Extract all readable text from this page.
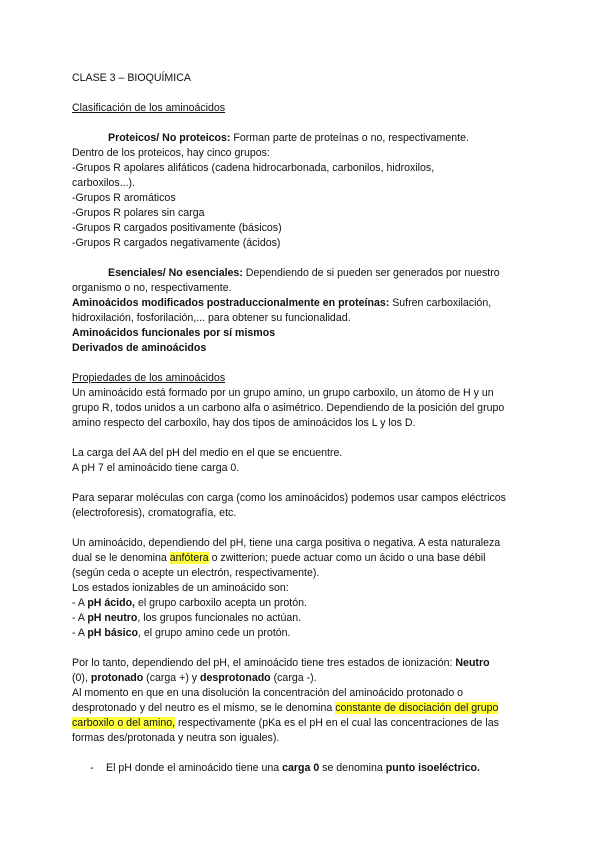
CLASE 3 – BIOQUÍMICA
Clasificación de los aminoácidos
Proteicos/ No proteicos: Forman parte de proteínas o no, respectivamente.
Dentro de los proteicos, hay cinco grupos:
-Grupos R apolares alifáticos (cadena hidrocarbonada, carbonilos, hidroxilos,
carboxilos...).
-Grupos R aromáticos
-Grupos R polares sin carga
-Grupos R cargados positivamente (básicos)
-Grupos R cargados negativamente (ácidos)
Esenciales/ No esenciales: Dependiendo de si pueden ser generados por nuestro
organismo o no, respectivamente.
Aminoácidos modificados postraduccionalmente en proteínas: Sufren carboxilación,
hidroxilación, fosforilación,... para obtener su funcionalidad.
Aminoácidos funcionales por sí mismos
Derivados de aminoácidos
Propiedades de los aminoácidos
Un aminoácido está formado por un grupo amino, un grupo carboxilo, un átomo de H y un
grupo R, todos unidos a un carbono alfa o asimétrico. Dependiendo de la posición del grupo
amino respecto del carboxilo, hay dos tipos de aminoácidos los L y los D.
La carga del AA del pH del medio en el que se encuentre.
A pH 7 el aminoácido tiene carga 0.
Para separar moléculas con carga (como los aminoácidos) podemos usar campos eléctricos
(electroforesis), cromatografía, etc.
Un aminoácido, dependiendo del pH, tiene una carga positiva o negativa. A esta naturaleza
dual se le denomina anfótera o zwitterion; puede actuar como un ácido o una base débil
(según ceda o acepte un electrón, respectivamente).
Los estados ionizables de un aminoácido son:
- A pH ácido, el grupo carboxilo acepta un protón.
- A pH neutro, los grupos funcionales no actúan.
- A pH básico, el grupo amino cede un protón.
Por lo tanto, dependiendo del pH, el aminoácido tiene tres estados de ionización: Neutro
(0), protonado (carga +) y desprotonado (carga -).
Al momento en que en una disolución la concentración del aminoácido protonado o
desprotonado y del neutro es el mismo, se le denomina constante de disociación del grupo
carboxilo o del amino, respectivamente (pKa es el pH en el cual las concentraciones de las
formas des/protonada y neutra son iguales).
- El pH donde el aminoácido tiene una carga 0 se denomina punto isoeléctrico.
